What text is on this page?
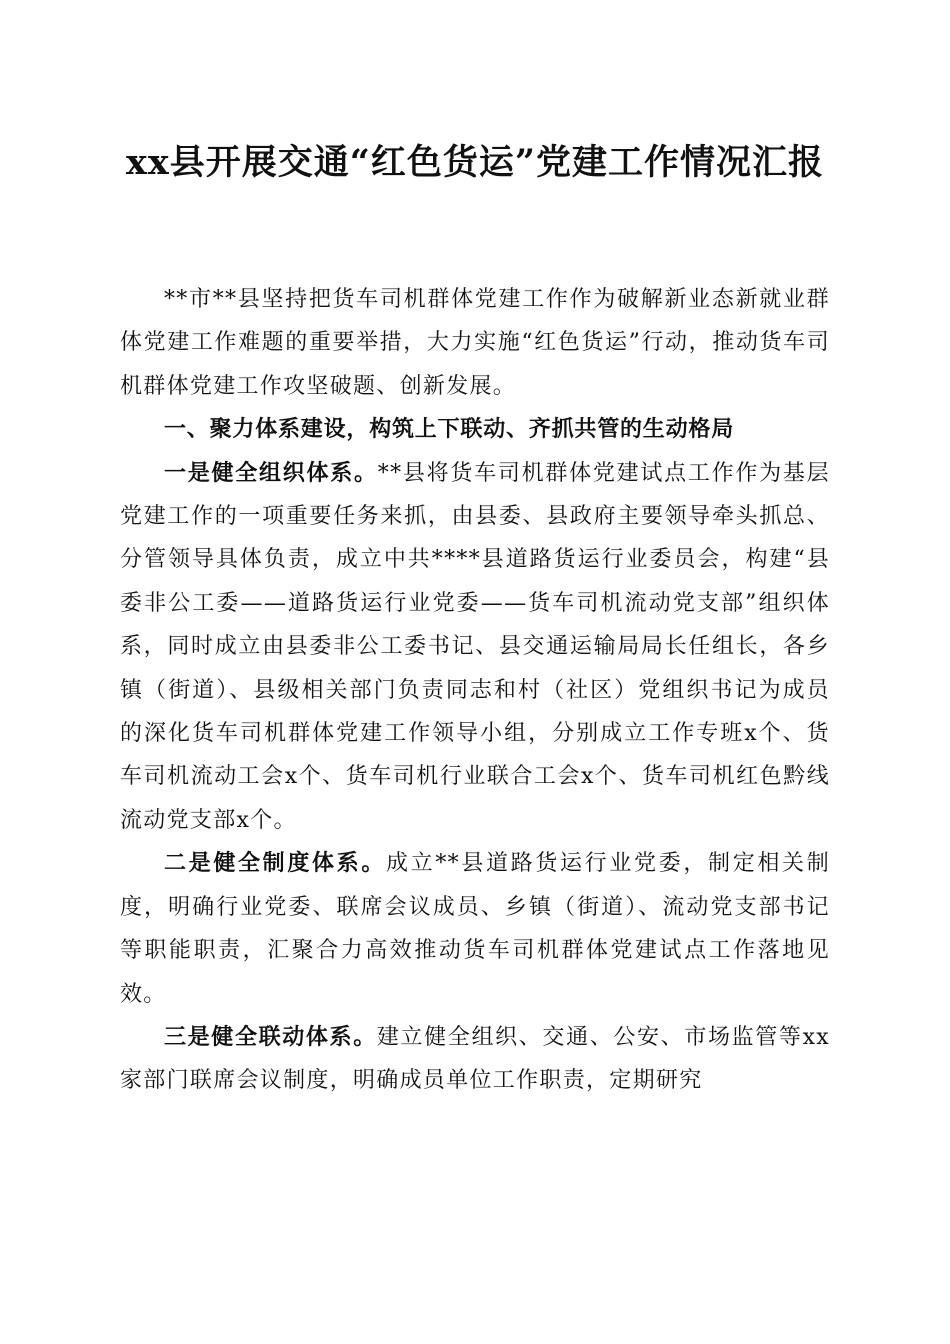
xx县开展交通“红色货运”党建工作情况汇报

**市**县坚持把货车司机群体党建工作作为破解新业态新就业群体党建工作难题的重要举措，大力实施“红色货运”行动，推动货车司机群体党建工作攻坚破题、创新发展。

一、聚力体系建设，构筑上下联动、齐抓共管的生动格局

一是健全组织体系。**县将货车司机群体党建试点工作作为基层党建工作的一项重要任务来抓，由县委、县政府主要领导牵头抓总、分管领导具体负责，成立中共****县道路货运行业委员会，构建“县委非公工委——道路货运行业党委——货车司机流动党支部”组织体系，同时成立由县委非公工委书记、县交通运输局局长任组长，各乡镇（街道）、县级相关部门负责同志和村（社区）党组织书记为成员的深化货车司机群体党建工作领导小组，分别成立工作专班x个、货车司机流动工会x个、货车司机行业联合工会x个、货车司机红色黔线流动党支部x个。

二是健全制度体系。成立**县道路货运行业党委，制定相关制度，明确行业党委、联席会议成员、乡镇（街道）、流动党支部书记等职能职责，汇聚合力高效推动货车司机群体党建试点工作落地见效。

三是健全联动体系。建立健全组织、交通、公安、市场监管等xx家部门联席会议制度，明确成员单位工作职责，定期研究
